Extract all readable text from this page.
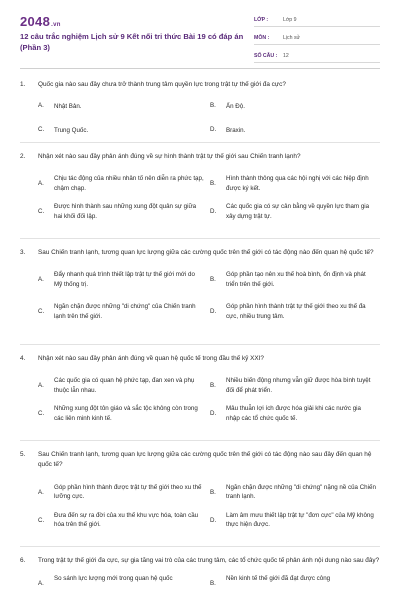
2048.vn
12 câu trắc nghiệm Lịch sử 9 Kết nối tri thức Bài 19 có đáp án (Phần 3)
LỚP :	Lớp 9
MÔN :	Lịch sử
SỐ CÂU : 12
1. Quốc gia nào sau đây chưa trở thành trung tâm quyền lực trong trật tự thế giới đa cực?
A. Nhật Bản.	B. Ấn Độ.
C. Trung Quốc.	D. Braxin.
2. Nhận xét nào sau đây phản ánh đúng về sự hình thành trật tự thế giới sau Chiến tranh lạnh?
A.
Chịu tác động của nhiều nhân tố nên diễn ra phức tạp, chậm chạp.
B.
Hình thành thông qua các hội nghị với các hiệp định được ký kết.
C.
Được hình thành sau những xung đột quân sự giữa hai khối đối lập.
D.
Các quốc gia có sự cân bằng về quyền lực tham gia xây dựng trật tự.
3. Sau Chiến tranh lạnh, tương quan lực lượng giữa các cường quốc trên thế giới có tác động nào đến quan hệ quốc tế?
A.
Đẩy nhanh quá trình thiết lập trật tự thế giới mới do Mỹ thống trị.
B.
Góp phần tạo nên xu thế hoà bình, ổn định và phát triển trên thế giới.
C.
Ngăn chặn được những "di chứng" của Chiến tranh lạnh trên thế giới.
D.
Góp phần hình thành trật tự thế giới theo xu thế đa cực, nhiều trung tâm.
4. Nhận xét nào sau đây phản ánh đúng về quan hệ quốc tế trong đầu thế kỷ XXI?
A.
Các quốc gia có quan hệ phức tạp, đan xen và phụ thuộc lẫn nhau.
B.
Nhiều biến động nhưng vẫn giữ được hòa bình tuyệt đối để phát triển.
C.
Những xung đột tôn giáo và sắc tộc không còn trong các liên minh kinh tế.
D.
Mâu thuẫn lợi ích được hóa giải khi các nước gia nhập các tổ chức quốc tế.
5. Sau Chiến tranh lạnh, tương quan lực lượng giữa các cường quốc trên thế giới có tác động nào sau đây đến quan hệ quốc tế?
A.
Góp phần hình thành được trật tự thế giới theo xu thế lưỡng cực.
B.
Ngăn chặn được những "di chứng" nặng nề của Chiến tranh lạnh.
C.
Đưa đến sự ra đời của xu thế khu vực hóa, toàn cầu hóa trên thế giới.
D.
Làm âm mưu thiết lập trật tự "đơn cực" của Mỹ không thực hiện được.
6. Trong trật tự thế giới đa cực, sự gia tăng vai trò của các trung tâm, các tổ chức quốc tế phản ánh nội dung nào sau đây?
A.
So sánh lực lượng mới trong quan hệ quốc
B.
Nền kinh tế thế giới đã đạt được công
